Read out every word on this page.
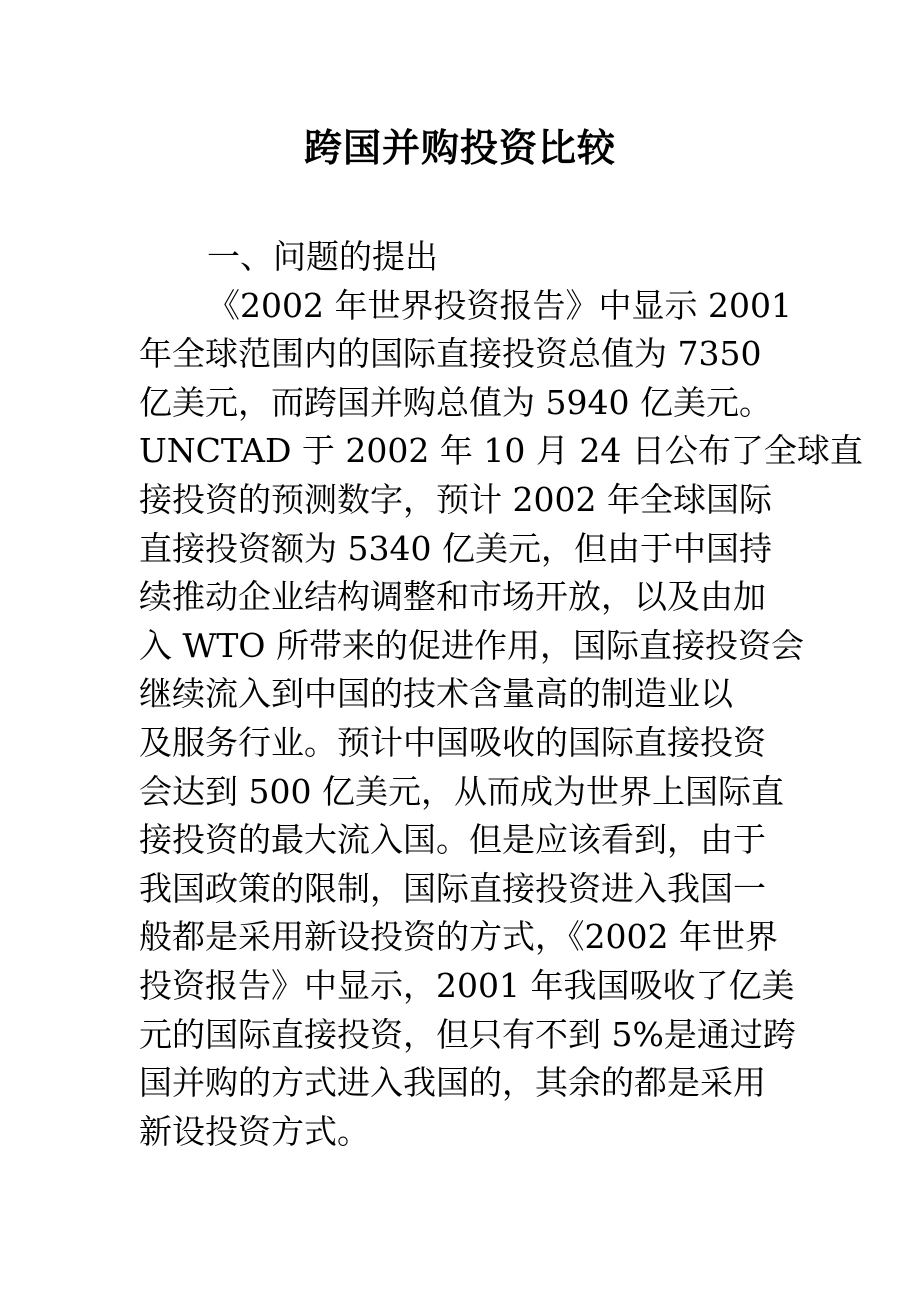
跨国并购投资比较
一、问题的提出
《2002 年世界投资报告》中显示 2001
年全球范围内的国际直接投资总值为 7350
亿美元，而跨国并购总值为 5940 亿美元。
UNCTAD 于 2002 年 10 月 24 日公布了全球直
接投资的预测数字，预计 2002 年全球国际
直接投资额为 5340 亿美元，但由于中国持
续推动企业结构调整和市场开放，以及由加
入 WTO 所带来的促进作用，国际直接投资会
继续流入到中国的技术含量高的制造业以
及服务行业。预计中国吸收的国际直接投资
会达到 500 亿美元，从而成为世界上国际直
接投资的最大流入国。但是应该看到，由于
我国政策的限制，国际直接投资进入我国一
般都是采用新设投资的方式，《2002 年世界
投资报告》中显示，2001 年我国吸收了亿美
元的国际直接投资，但只有不到 5%是通过跨
国并购的方式进入我国的，其余的都是采用
新设投资方式。
